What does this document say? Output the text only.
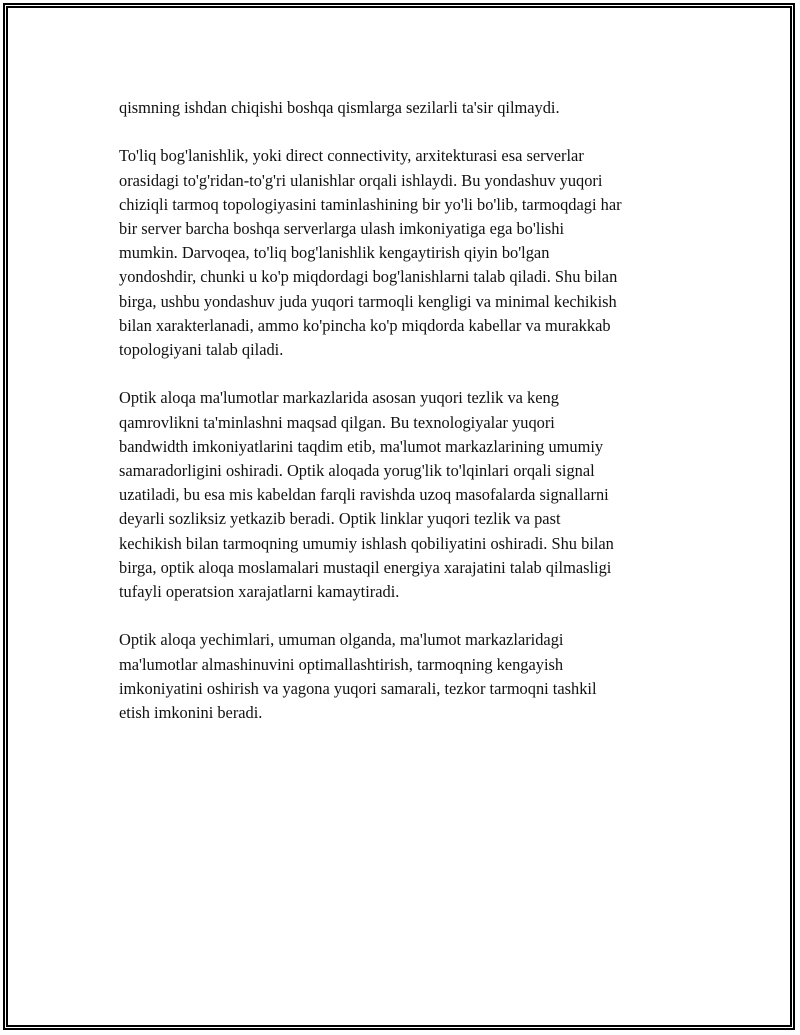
qismning ishdan chiqishi boshqa qismlarga sezilarli ta'sir qilmaydi.

To'liq bog'lanishlik, yoki direct connectivity, arxitekturasi esa serverlar
orasidagi to'g'ridan-to'g'ri ulanishlar orqali ishlaydi. Bu yondashuv yuqori
chiziqli tarmoq topologiyasini taminlashining bir yo'li bo'lib, tarmoqdagi har
bir server barcha boshqa serverlarga ulash imkoniyatiga ega bo'lishi
mumkin. Darvoqea, to'liq bog'lanishlik kengaytirish qiyin bo'lgan
yondoshdir, chunki u ko'p miqdordagi bog'lanishlarni talab qiladi. Shu bilan
birga, ushbu yondashuv juda yuqori tarmoqli kengligi va minimal kechikish
bilan xarakterlanadi, ammo ko'pincha ko'p miqdorda kabellar va murakkab
topologiyani talab qiladi.

Optik aloqa ma'lumotlar markazlarida asosan yuqori tezlik va keng
qamrovlikni ta'minlashni maqsad qilgan. Bu texnologiyalar yuqori
bandwidth imkoniyatlarini taqdim etib, ma'lumot markazlarining umumiy
samaradorligini oshiradi. Optik aloqada yorug'lik to'lqinlari orqali signal
uzatiladi, bu esa mis kabeldan farqli ravishda uzoq masofalarda signallarni
deyarli sozliksiz yetkazib beradi. Optik linklar yuqori tezlik va past
kechikish bilan tarmoqning umumiy ishlash qobiliyatini oshiradi. Shu bilan
birga, optik aloqa moslamalari mustaqil energiya xarajatini talab qilmasligi
tufayli operatsion xarajatlarni kamaytiradi.

Optik aloqa yechimlari, umuman olganda, ma'lumot markazlaridagi
ma'lumotlar almashinuvini optimallashtirish, tarmoqning kengayish
imkoniyatini oshirish va yagona yuqori samarali, tezkor tarmoqni tashkil
etish imkonini beradi.
